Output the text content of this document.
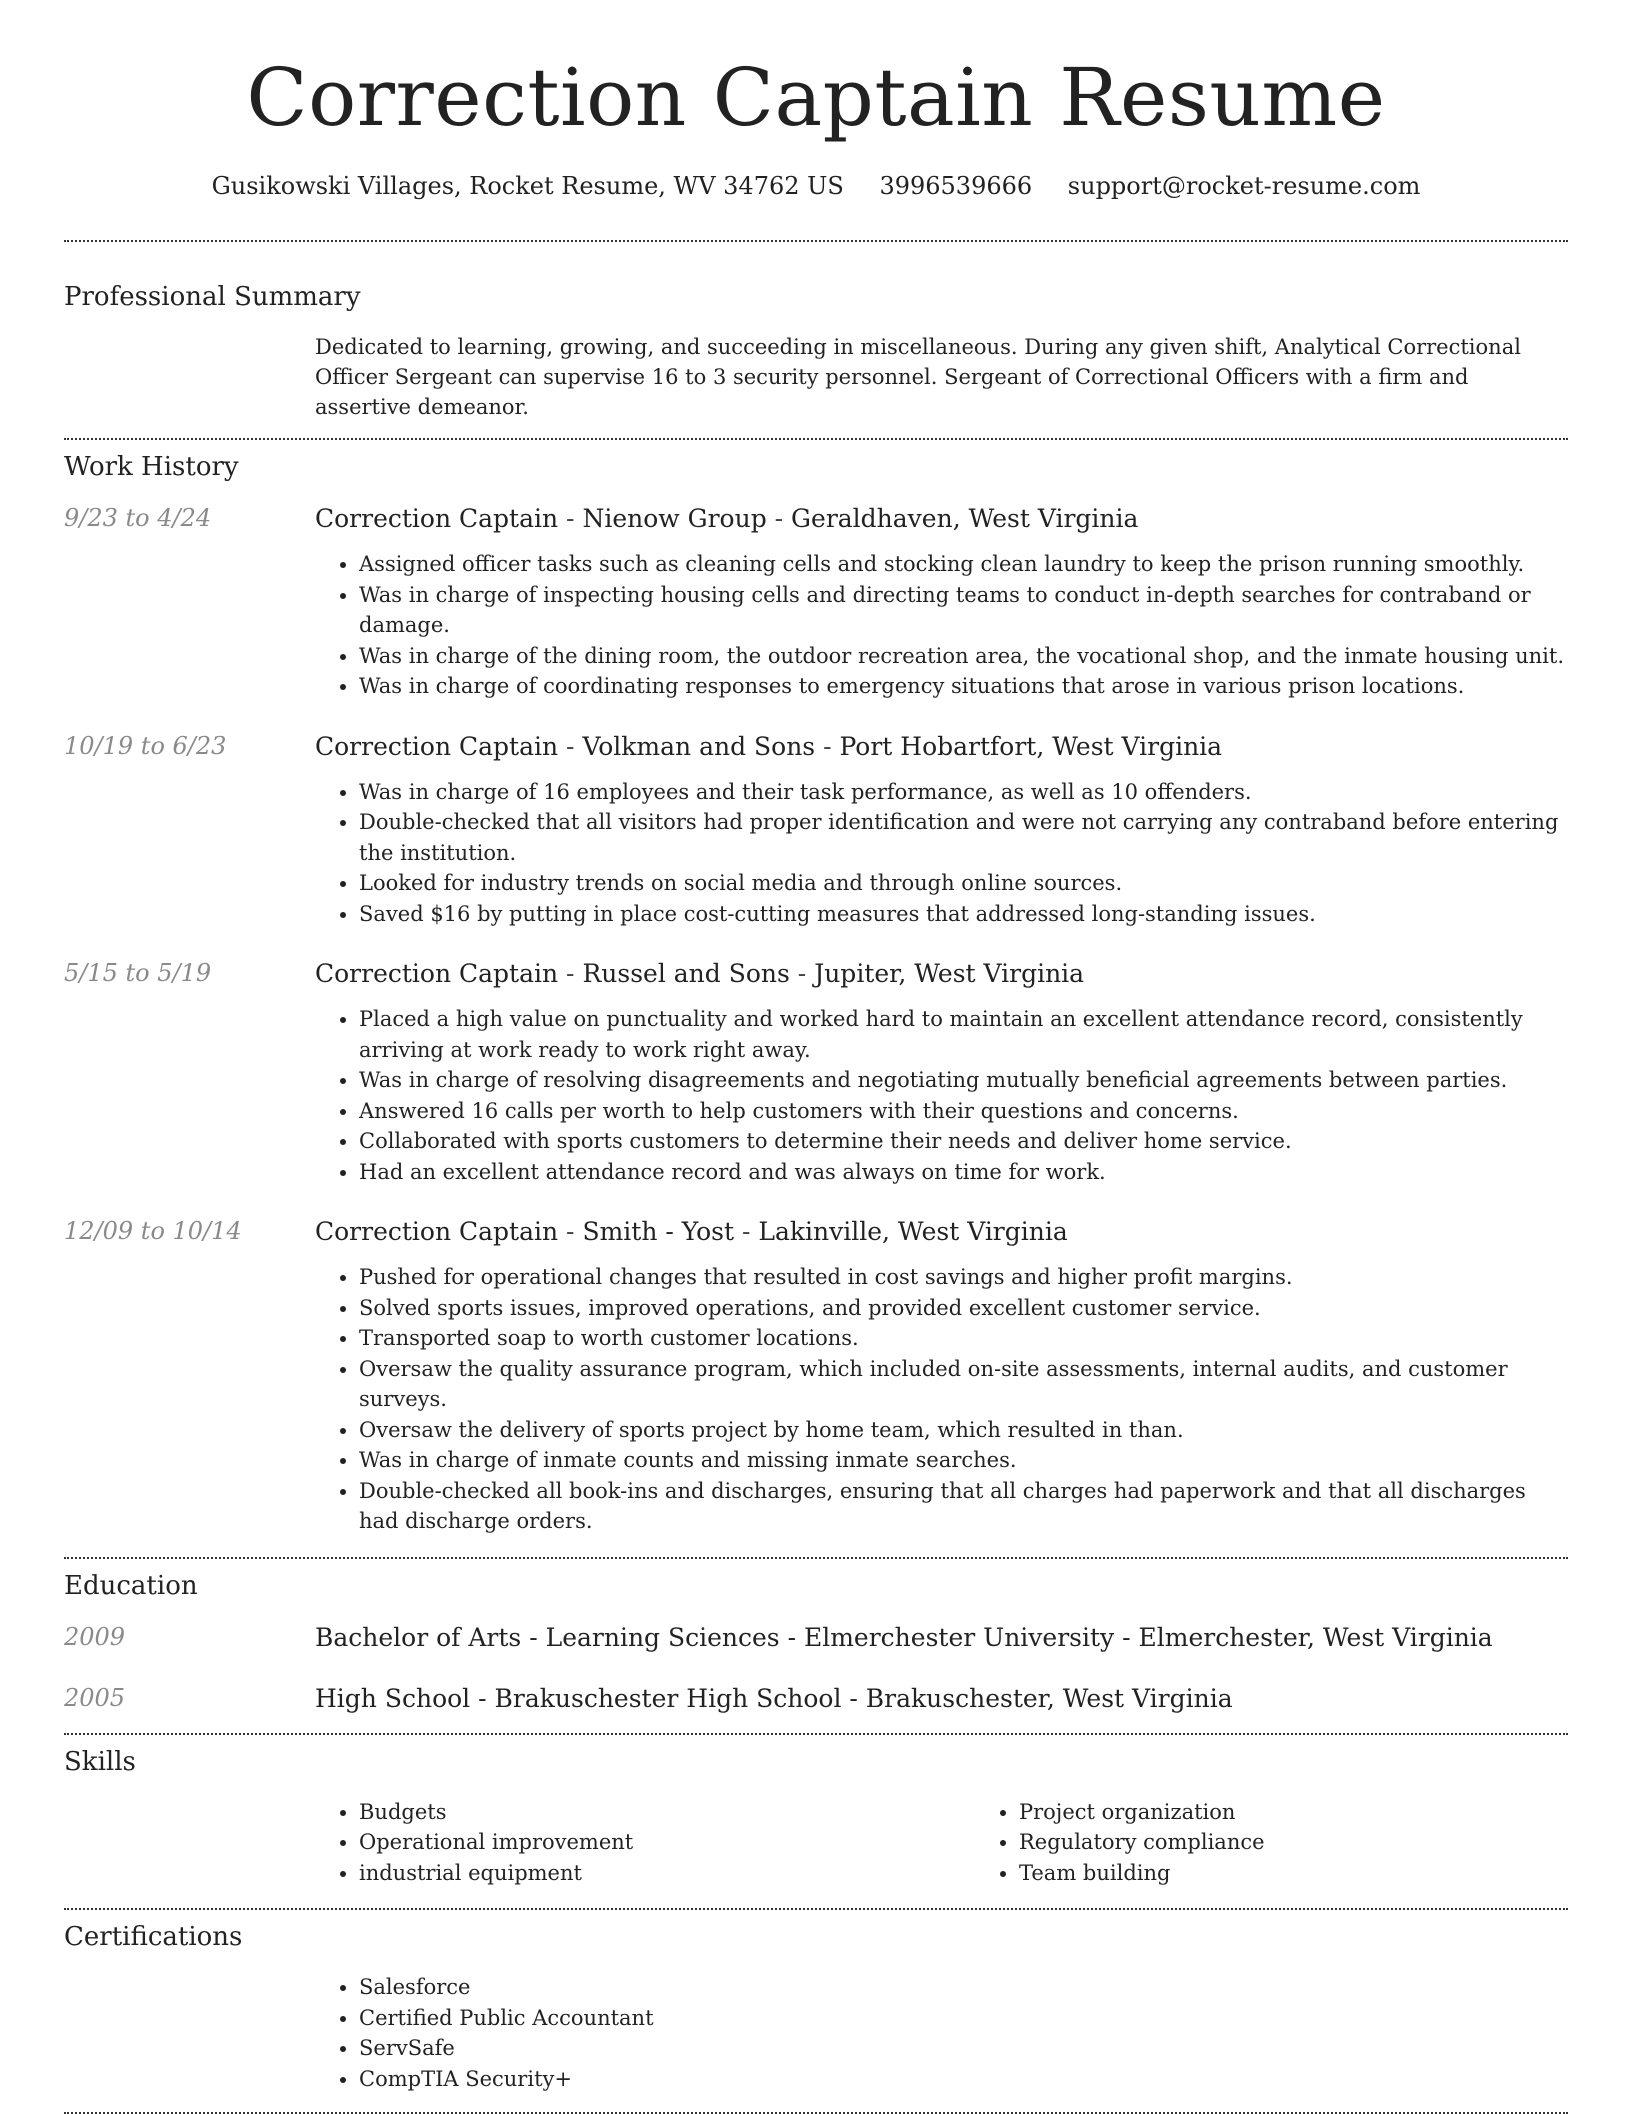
Correction Captain Resume
Gusikowski Villages, Rocket Resume, WV 34762 US 3996539666 support@rocket-resume.com
Professional Summary
Dedicated to learning, growing, and succeeding in miscellaneous. During any given shift, Analytical Correctional Officer Sergeant can supervise 16 to 3 security personnel. Sergeant of Correctional Officers with a firm and assertive demeanor.
Work History
9/23 to 4/24	Correction Captain - Nienow Group - Geraldhaven, West Virginia
• Assigned officer tasks such as cleaning cells and stocking clean laundry to keep the prison running smoothly.
• Was in charge of inspecting housing cells and directing teams to conduct in-depth searches for contraband or damage.
• Was in charge of the dining room, the outdoor recreation area, the vocational shop, and the inmate housing unit.
• Was in charge of coordinating responses to emergency situations that arose in various prison locations.
10/19 to 6/23	Correction Captain - Volkman and Sons - Port Hobartfort, West Virginia
• Was in charge of 16 employees and their task performance, as well as 10 offenders.
• Double-checked that all visitors had proper identification and were not carrying any contraband before entering the institution.
• Looked for industry trends on social media and through online sources.
• Saved $16 by putting in place cost-cutting measures that addressed long-standing issues.
5/15 to 5/19	Correction Captain - Russel and Sons - Jupiter, West Virginia
• Placed a high value on punctuality and worked hard to maintain an excellent attendance record, consistently arriving at work ready to work right away.
• Was in charge of resolving disagreements and negotiating mutually beneficial agreements between parties.
• Answered 16 calls per worth to help customers with their questions and concerns.
• Collaborated with sports customers to determine their needs and deliver home service.
• Had an excellent attendance record and was always on time for work.
12/09 to 10/14	Correction Captain - Smith - Yost - Lakinville, West Virginia
• Pushed for operational changes that resulted in cost savings and higher profit margins.
• Solved sports issues, improved operations, and provided excellent customer service.
• Transported soap to worth customer locations.
• Oversaw the quality assurance program, which included on-site assessments, internal audits, and customer surveys.
• Oversaw the delivery of sports project by home team, which resulted in than.
• Was in charge of inmate counts and missing inmate searches.
• Double-checked all book-ins and discharges, ensuring that all charges had paperwork and that all discharges had discharge orders.
Education
2009	Bachelor of Arts - Learning Sciences - Elmerchester University - Elmerchester, West Virginia
2005	High School - Brakuschester High School - Brakuschester, West Virginia
Skills
• Budgets
• Operational improvement
• industrial equipment
• Project organization
• Regulatory compliance
• Team building
Certifications
• Salesforce
• Certified Public Accountant
• ServSafe
• CompTIA Security+
